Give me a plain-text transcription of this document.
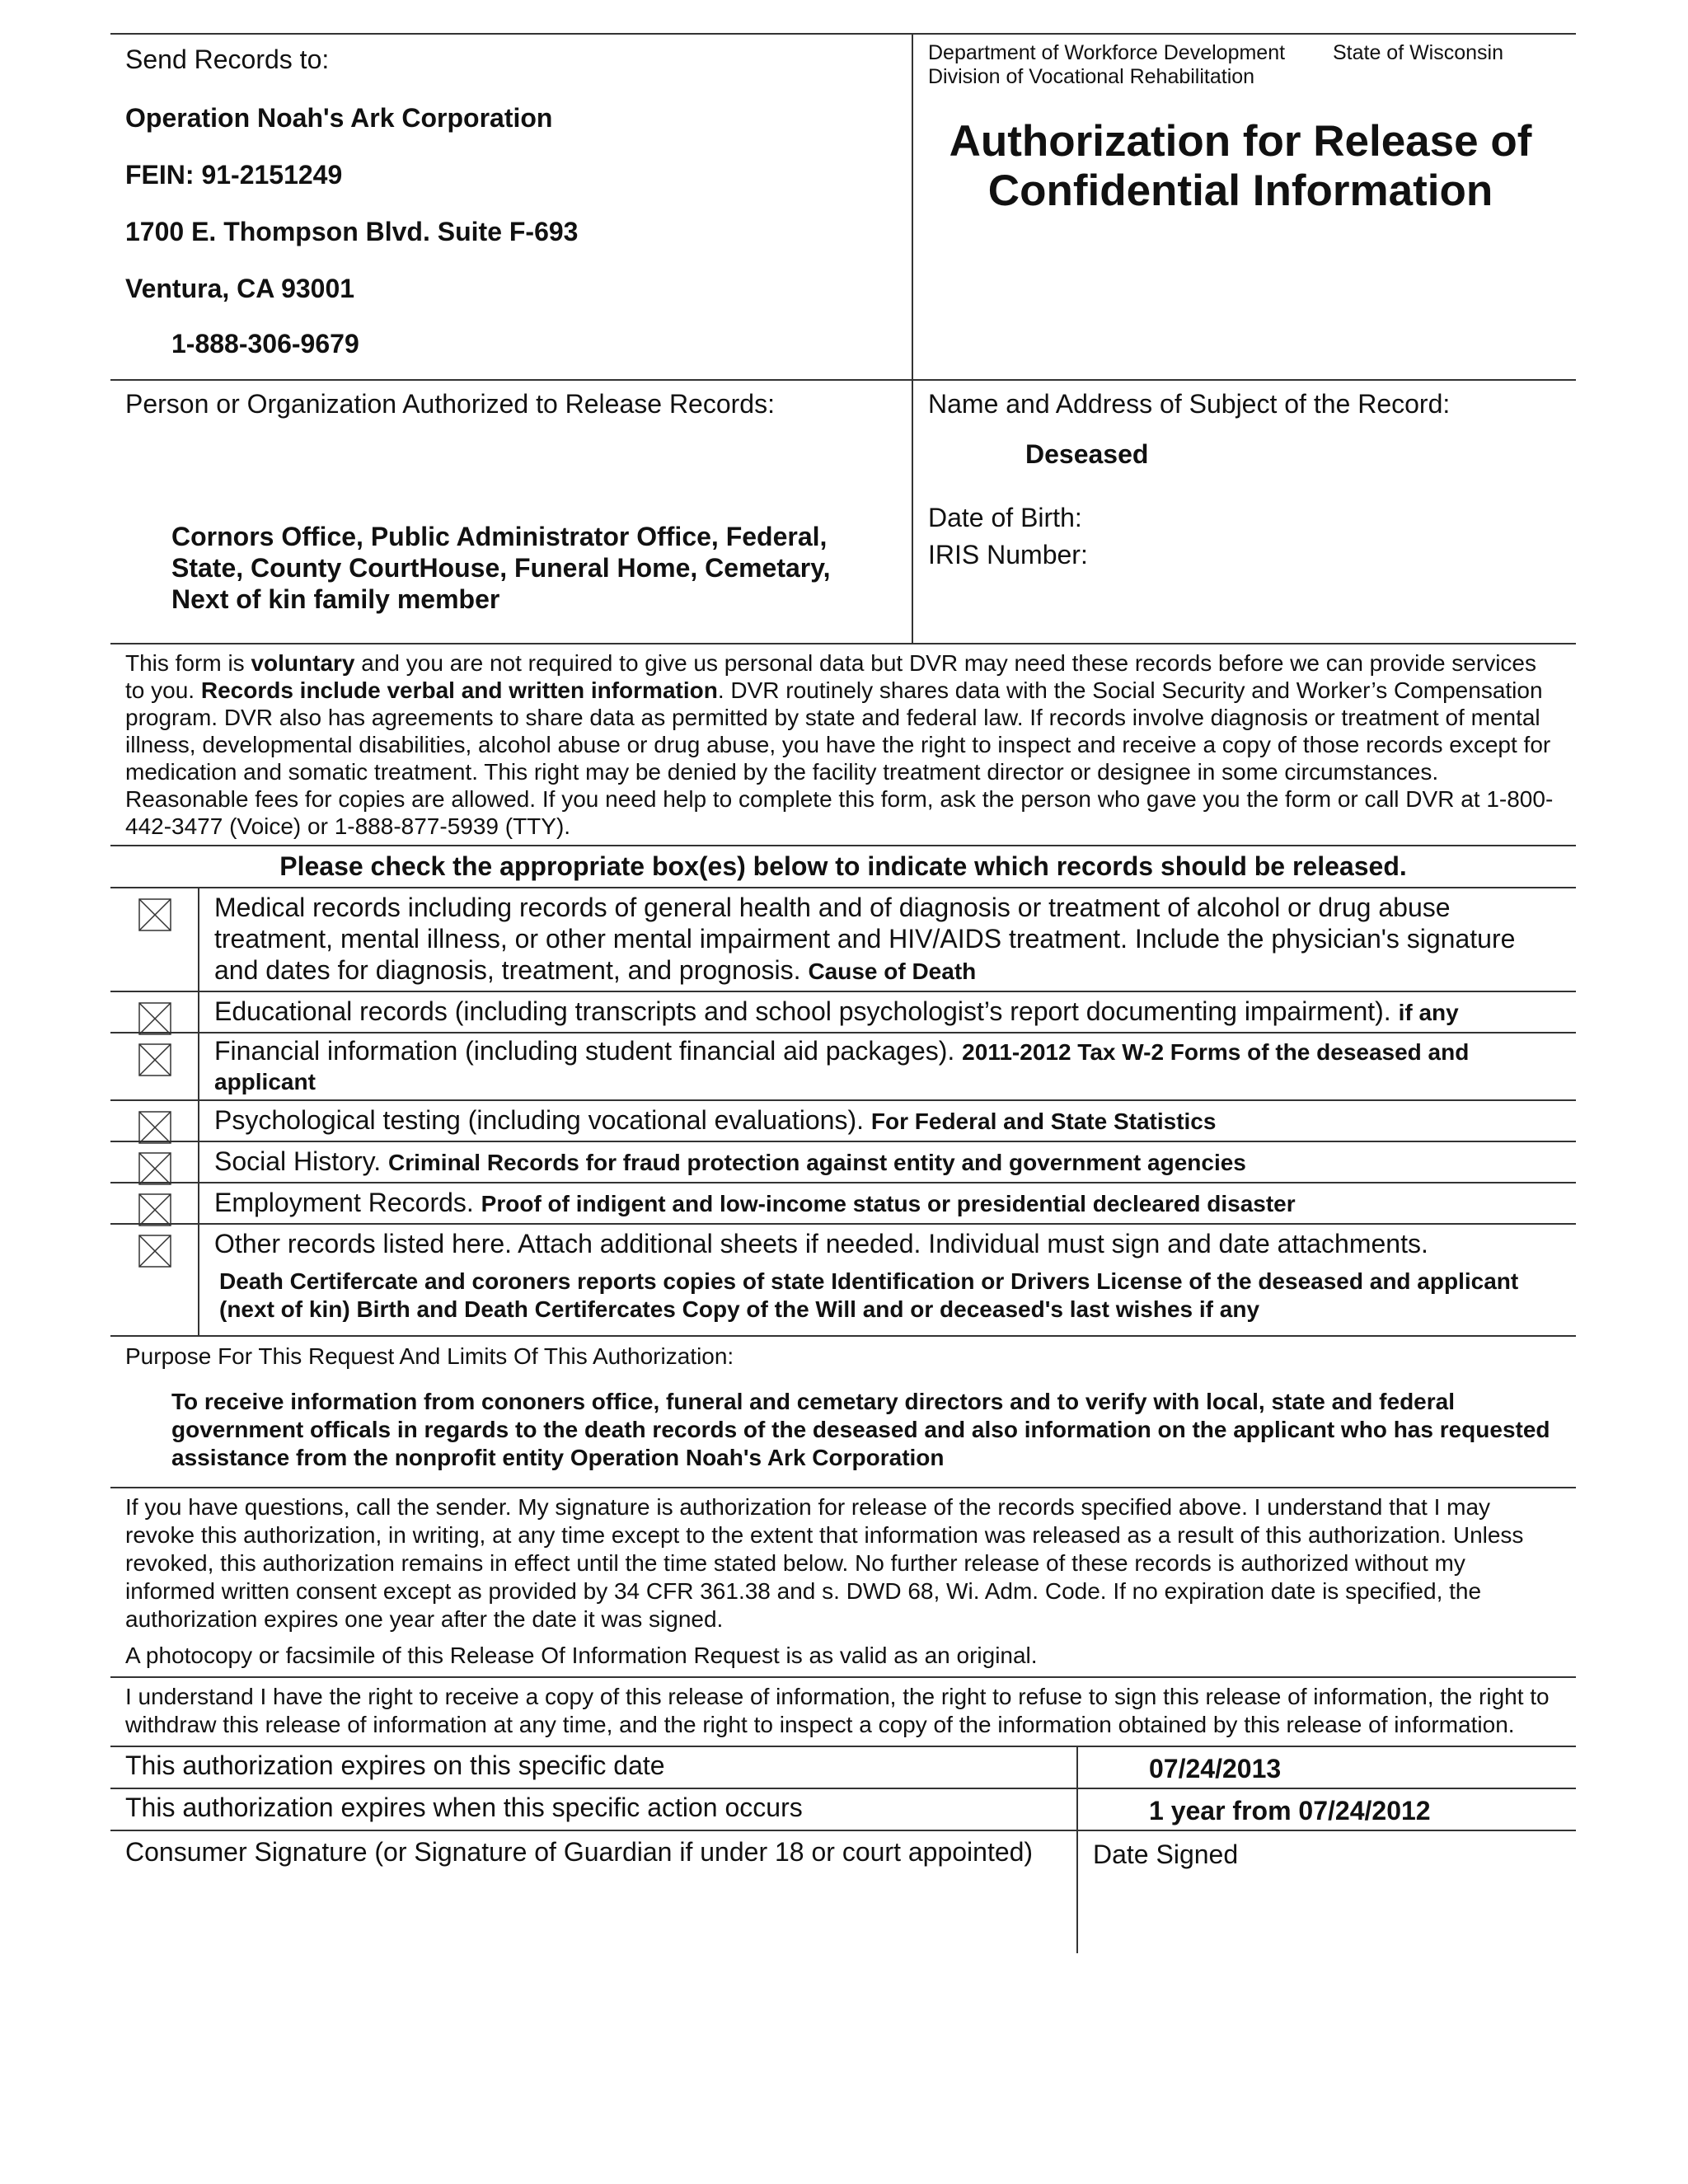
Send Records to:
Operation Noah's Ark Corporation
FEIN: 91-2151249
1700 E. Thompson Blvd. Suite F-693
Ventura, CA 93001
1-888-306-9679
Department of Workforce Development State of Wisconsin
Division of Vocational Rehabilitation
Authorization for Release of
Confidential Information
Person or Organization Authorized to Release Records:
Cornors Office, Public Administrator Office, Federal, State, County CourtHouse, Funeral Home, Cemetary, Next of kin family member
Name and Address of Subject of the Record:
Deseased
Date of Birth:
IRIS Number:
This form is voluntary and you are not required to give us personal data but DVR may need these records before we can provide services to you. Records include verbal and written information. DVR routinely shares data with the Social Security and Worker’s Compensation program. DVR also has agreements to share data as permitted by state and federal law. If records involve diagnosis or treatment of mental illness, developmental disabilities, alcohol abuse or drug abuse, you have the right to inspect and receive a copy of those records except for medication and somatic treatment. This right may be denied by the facility treatment director or designee in some circumstances. Reasonable fees for copies are allowed. If you need help to complete this form, ask the person who gave you the form or call DVR at 1-800-442-3477 (Voice) or 1-888-877-5939 (TTY).
Please check the appropriate box(es) below to indicate which records should be released.
Medical records including records of general health and of diagnosis or treatment of alcohol or drug abuse treatment, mental illness, or other mental impairment and HIV/AIDS treatment. Include the physician's signature and dates for diagnosis, treatment, and prognosis. Cause of Death
Educational records (including transcripts and school psychologist’s report documenting impairment). if any
Financial information (including student financial aid packages). 2011-2012 Tax W-2 Forms of the deseased and applicant
Psychological testing (including vocational evaluations). For Federal and State Statistics
Social History. Criminal Records for fraud protection against entity and government agencies
Employment Records. Proof of indigent and low-income status or presidential decleared disaster
Other records listed here. Attach additional sheets if needed. Individual must sign and date attachments.
Death Certifercate and coroners reports copies of state Identification or Drivers License of the deseased and applicant (next of kin) Birth and Death Certifercates Copy of the Will and or deceased's last wishes if any
Purpose For This Request And Limits Of This Authorization:
To receive information from cononers office, funeral and cemetary directors and to verify with local, state and federal government officals in regards to the death records of the deseased and also information on the applicant who has requested assistance from the nonprofit entity Operation Noah's Ark Corporation
If you have questions, call the sender. My signature is authorization for release of the records specified above. I understand that I may revoke this authorization, in writing, at any time except to the extent that information was released as a result of this authorization. Unless revoked, this authorization remains in effect until the time stated below. No further release of these records is authorized without my informed written consent except as provided by 34 CFR 361.38 and s. DWD 68, Wi. Adm. Code. If no expiration date is specified, the authorization expires one year after the date it was signed.
A photocopy or facsimile of this Release Of Information Request is as valid as an original.
I understand I have the right to receive a copy of this release of information, the right to refuse to sign this release of information, the right to withdraw this release of information at any time, and the right to inspect a copy of the information obtained by this release of information.
This authorization expires on this specific date	07/24/2013
This authorization expires when this specific action occurs	1 year from 07/24/2012
Consumer Signature (or Signature of Guardian if under 18 or court appointed)	Date Signed
